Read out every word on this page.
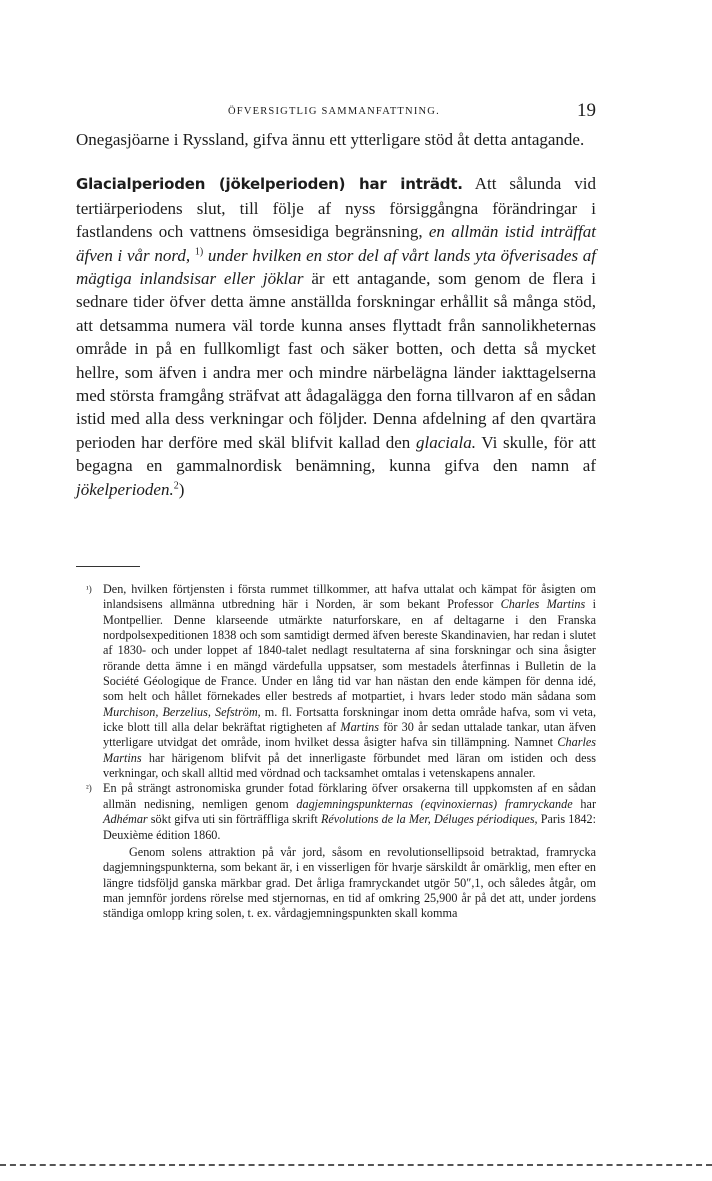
ÖFVERSIGTLIG SAMMANFATTNING.	19

Onegasjöarne i Ryssland, gifva ännu ett ytterligare stöd åt detta antagande.

Glacialperioden (jökelperioden) har inträdt. Att sålunda vid tertiärperiodens slut, till följe af nyss försiggångna förändringar i fastlandens och vattnens ömsesidiga begränsning, en allmän istid inträffat äfven i vår nord, $^{1)}$ under hvilken en stor del af vårt lands yta öfverisades af mägtiga inlandsisar eller jöklar är ett antagande, som genom de flera i sednare tider öfver detta ämne anställda forskningar erhållit så många stöd, att detsamma numera väl torde kunna anses flyttadt från sannolikheternas område in på en fullkomligt fast och säker botten, och detta så mycket hellre, som äfven i andra mer och mindre närbelägna länder iakttagelserna med största framgång sträfvat att ådagalägga den forna tillvaron af en sådan istid med alla dess verkningar och följder. Denna afdelning af den qvartära perioden har derföre med skäl blifvit kallad den glaciala. Vi skulle, för att begagna en gammalnordisk benämning, kunna gifva den namn af jökelperioden.$^2$)

¹) Den, hvilken förtjensten i första rummet tillkommer, att hafva uttalat och kämpat för åsigten om inlandsisens allmänna utbredning här i Norden, är som bekant Professor Charles Martins i Montpellier. Denne klarseende utmärkte naturforskare, en af deltagarne i den Franska nordpolsexpeditionen 1838 och som samtidigt dermed äfven bereste Skandinavien, har redan i slutet af 1830- och under loppet af 1840-talet nedlagt resultaterna af sina forskningar och sina åsigter rörande detta ämne i en mängd värdefulla uppsatser, som mestadels återfinnas i Bulletin de la Société Géologique de France. Under en lång tid var han nästan den ende kämpen för denna idé, som helt och hållet förnekades eller bestreds af motpartiet, i hvars leder stodo män sådana som Murchison, Berzelius, Sefström, m. fl. Fortsatta forskningar inom detta område hafva, som vi veta, icke blott till alla delar bekräftat rigtigheten af Martins för 30 år sedan uttalade tankar, utan äfven ytterligare utvidgat det område, inom hvilket dessa åsigter hafva sin tillämpning. Namnet Charles Martins har härigenom blifvit på det innerligaste förbundet med läran om istiden och dess verkningar, och skall alltid med vördnad och tacksamhet omtalas i vetenskapens annaler.
²) En på strängt astronomiska grunder fotad förklaring öfver orsakerna till uppkomsten af en sådan allmän nedisning, nemligen genom dagjemningspunkternas (eqvinoxiernas) framryckande har Adhémar sökt gifva uti sin förträffliga skrift Révolutions de la Mer, Déluges périodiques, Paris 1842: Deuxième édition 1860.
Genom solens attraktion på vår jord, såsom en revolutionsellipsoid betraktad, framrycka dagjemningspunkterna, som bekant är, i en visserligen för hvarje särskildt år omärklig, men efter en längre tidsföljd ganska märkbar grad. Det årliga framryckandet utgör 50″,1, och således åtgår, om man jemnför jordens rörelse med stjernornas, en tid af omkring 25,900 år på det att, under jordens ständiga omlopp kring solen, t. ex. vårdagjemningspunkten skall komma
